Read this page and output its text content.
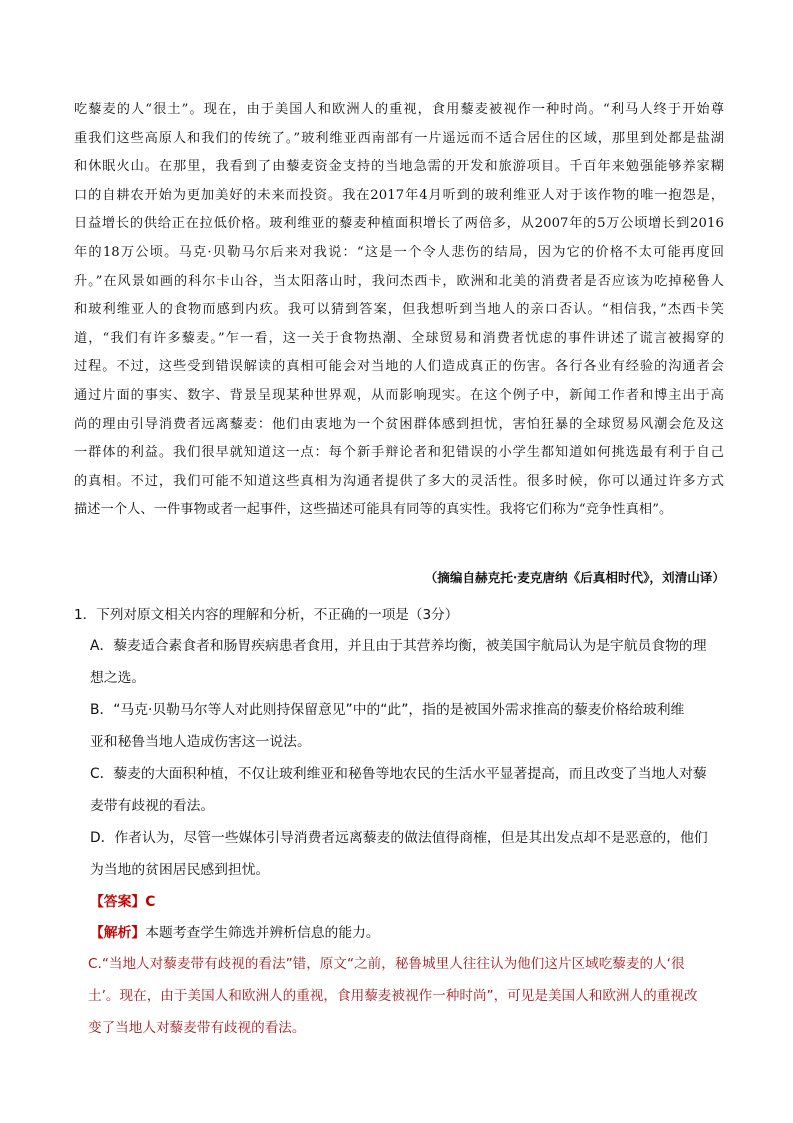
吃藜麦的人“很土”。现在，由于美国人和欧洲人的重视，食用藜麦被视作一种时尚。“利马人终于开始尊
重我们这些高原人和我们的传统了。”玻利维亚西南部有一片遥远而不适合居住的区域，那里到处都是盐湖
和休眠火山。在那里，我看到了由藜麦资金支持的当地急需的开发和旅游项目。千百年来勉强能够养家糊
口的自耕农开始为更加美好的未来而投资。我在2017年4月听到的玻利维亚人对于该作物的唯一抱怨是，
日益增长的供给正在拉低价格。玻利维亚的藜麦种植面积增长了两倍多，从2007年的5万公顷增长到2016
年的18万公顷。马克·贝勒马尔后来对我说：“这是一个令人悲伤的结局，因为它的价格不太可能再度回
升。”在风景如画的科尔卡山谷，当太阳落山时，我问杰西卡，欧洲和北美的消费者是否应该为吃掉秘鲁人
和玻利维亚人的食物而感到内疚。我可以猜到答案，但我想听到当地人的亲口否认。“相信我，”杰西卡笑
道，“我们有许多藜麦。”乍一看，这一关于食物热潮、全球贸易和消费者忧虑的事件讲述了谎言被揭穿的
过程。不过，这些受到错误解读的真相可能会对当地的人们造成真正的伤害。各行各业有经验的沟通者会
通过片面的事实、数字、背景呈现某种世界观，从而影响现实。在这个例子中，新闻工作者和博主出于高
尚的理由引导消费者远离藜麦：他们由衷地为一个贫困群体感到担忧，害怕狂暴的全球贸易风潮会危及这
一群体的利益。我们很早就知道这一点：每个新手辩论者和犯错误的小学生都知道如何挑选最有利于自己
的真相。不过，我们可能不知道这些真相为沟通者提供了多大的灵活性。很多时候，你可以通过许多方式
描述一个人、一件事物或者一起事件，这些描述可能具有同等的真实性。我将它们称为“竞争性真相”。
（摘编自赫克托·麦克唐纳《后真相时代》，刘清山译）
1．下列对原文相关内容的理解和分析，不正确的一项是（3分）
A．藜麦适合素食者和肠胃疾病患者食用，并且由于其营养均衡，被美国宇航局认为是宇航员食物的理
想之选。
B．“马克·贝勒马尔等人对此则持保留意见”中的“此”，指的是被国外需求推高的藜麦价格给玻利维
亚和秘鲁当地人造成伤害这一说法。
C．藜麦的大面积种植，不仅让玻利维亚和秘鲁等地农民的生活水平显著提高，而且改变了当地人对藜
麦带有歧视的看法。
D．作者认为，尽管一些媒体引导消费者远离藜麦的做法值得商榷，但是其出发点却不是恶意的，他们
为当地的贫困居民感到担忧。
【答案】C
【解析】本题考查学生筛选并辨析信息的能力。
C.“当地人对藜麦带有歧视的看法”错，原文“之前，秘鲁城里人往往认为他们这片区域吃藜麦的人‘很
土’。现在，由于美国人和欧洲人的重视，食用藜麦被视作一种时尚”，可见是美国人和欧洲人的重视改
变了当地人对藜麦带有歧视的看法。
